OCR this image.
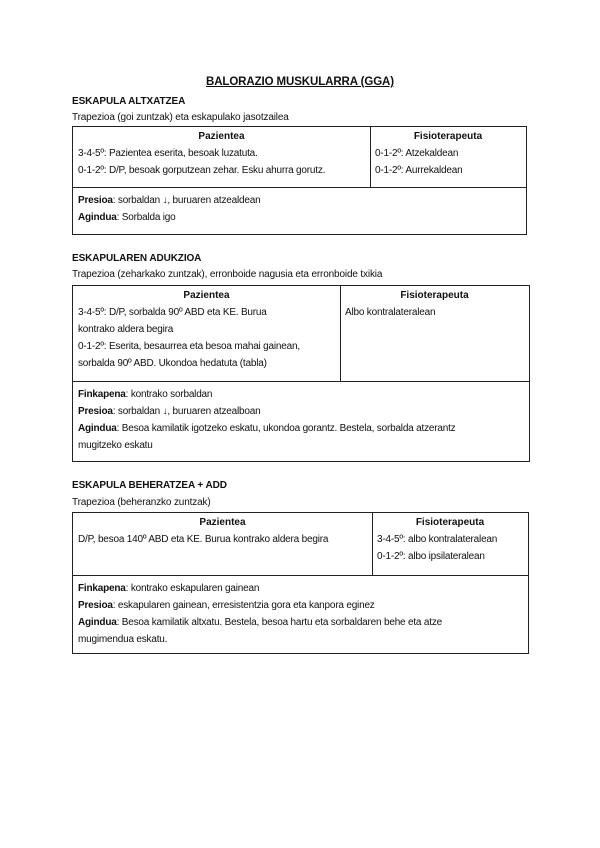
BALORAZIO MUSKULARRA (GGA)
ESKAPULA ALTXATZEA
Trapezioa (goi zuntzak) eta eskapulako jasotzailea
Pazientea
3-4-5º: Pazientea eserita, besoak luzatuta.
0-1-2º: D/P, besoak gorputzean zehar. Esku ahurra gorutz.
Fisioterapeuta
0-1-2º: Atzekaldean
0-1-2º: Aurrekaldean
Presioa: sorbaldan ↓, buruaren atzealdean
Agindua: Sorbalda igo
ESKAPULAREN ADUKZIOA
Trapezioa (zeharkako zuntzak), erronboide nagusia eta erronboide txikia
Pazientea
3-4-5º: D/P, sorbalda 90º ABD eta KE. Burua
kontrako aldera begira
0-1-2º: Eserita, besaurrea eta besoa mahai gainean,
sorbalda 90º ABD. Ukondoa hedatuta (tabla)
Fisioterapeuta
Albo kontralateralean
Finkapena: kontrako sorbaldan
Presioa: sorbaldan ↓, buruaren atzealboan
Agindua: Besoa kamilatik igotzeko eskatu, ukondoa gorantz. Bestela, sorbalda atzerantz
mugitzeko eskatu
ESKAPULA BEHERATZEA + ADD
Trapezioa (beheranzko zuntzak)
Pazientea
D/P, besoa 140º ABD eta KE. Burua kontrako aldera begira
Fisioterapeuta
3-4-5º: albo kontralateralean
0-1-2º: albo ipsilateralean
Finkapena: kontrako eskapularen gainean
Presioa: eskapularen gainean, erresistentzia gora eta kanpora eginez
Agindua: Besoa kamilatik altxatu. Bestela, besoa hartu eta sorbaldaren behe eta atze
mugimendua eskatu.
